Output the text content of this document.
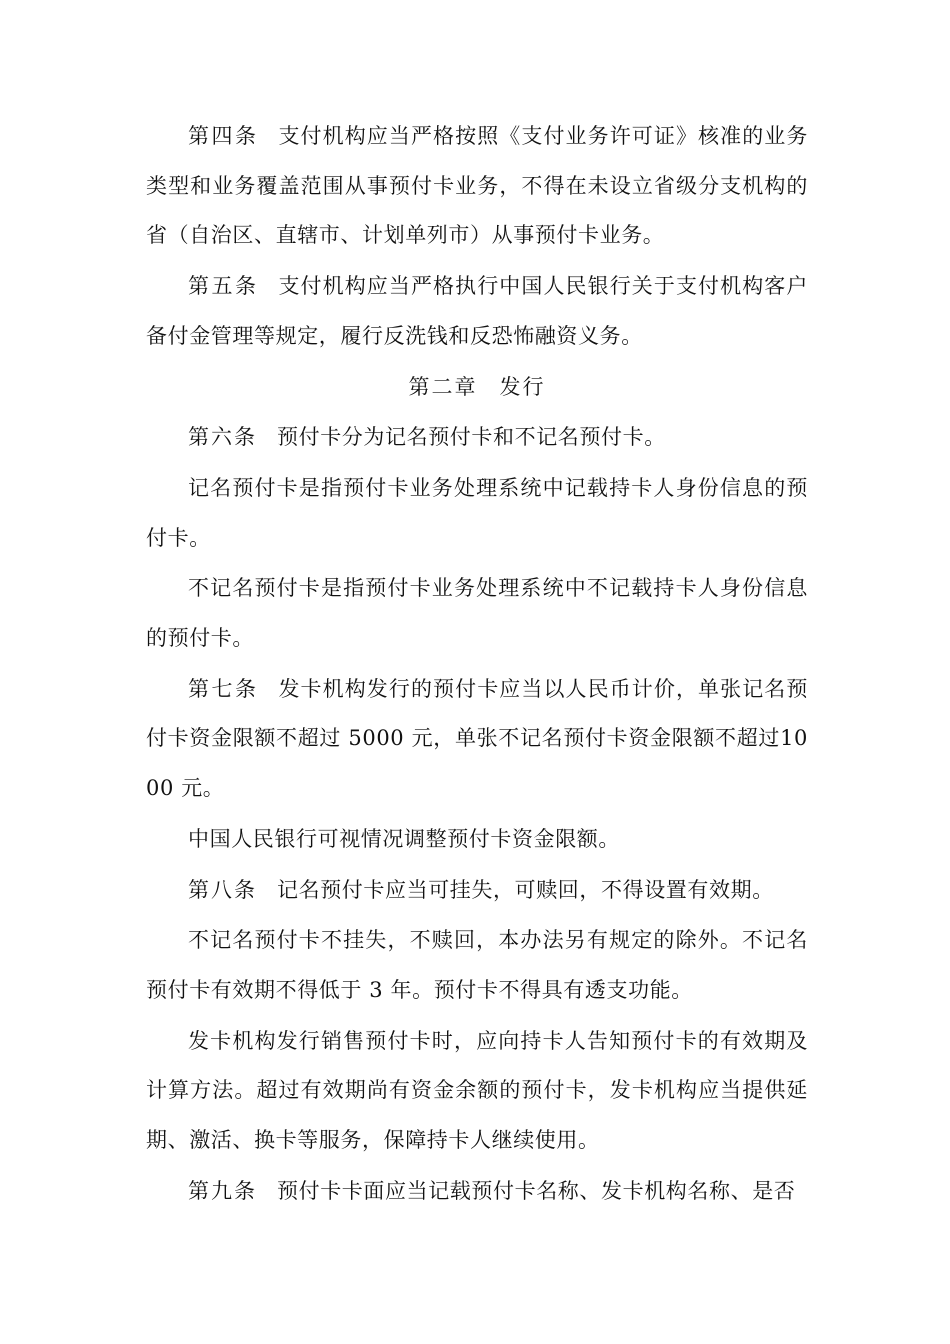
第四条 支付机构应当严格按照《支付业务许可证》核准的业务类型和业务覆盖范围从事预付卡业务，不得在未设立省级分支机构的省（自治区、直辖市、计划单列市）从事预付卡业务。

第五条 支付机构应当严格执行中国人民银行关于支付机构客户备付金管理等规定，履行反洗钱和反恐怖融资义务。

第二章 发行

第六条 预付卡分为记名预付卡和不记名预付卡。

记名预付卡是指预付卡业务处理系统中记载持卡人身份信息的预付卡。

不记名预付卡是指预付卡业务处理系统中不记载持卡人身份信息的预付卡。

第七条 发卡机构发行的预付卡应当以人民币计价，单张记名预付卡资金限额不超过 5000 元，单张不记名预付卡资金限额不超过1000 元。

中国人民银行可视情况调整预付卡资金限额。

第八条 记名预付卡应当可挂失，可赎回，不得设置有效期。

不记名预付卡不挂失，不赎回，本办法另有规定的除外。不记名预付卡有效期不得低于 3 年。预付卡不得具有透支功能。

发卡机构发行销售预付卡时，应向持卡人告知预付卡的有效期及计算方法。超过有效期尚有资金余额的预付卡，发卡机构应当提供延期、激活、换卡等服务，保障持卡人继续使用。

第九条 预付卡卡面应当记载预付卡名称、发卡机构名称、是否
